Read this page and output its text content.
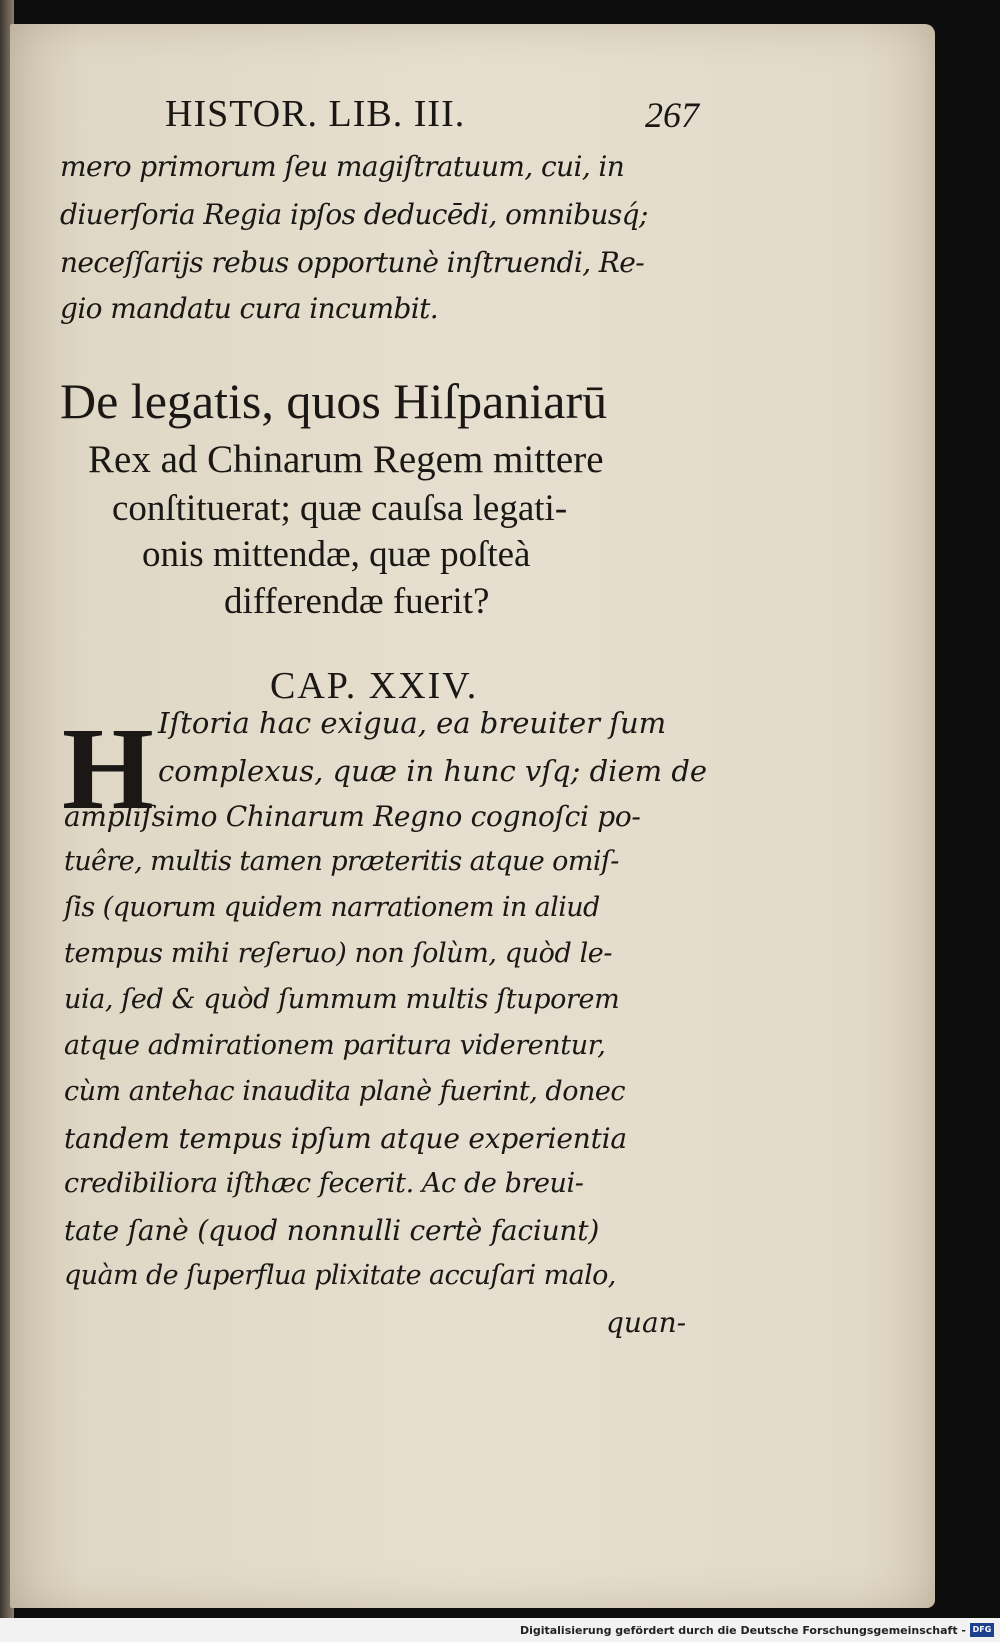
HISTOR. LIB. III.	267
mero primorum ſeu magiſtratuum, cui, in
diuerſoria Regia ipſos deducēdi, omnibusq́;
neceſſarijs rebus opportunè inſtruendi, Re-
gio mandatu cura incumbit.
De legatis, quos Hiſpaniarū
Rex ad Chinarum Regem mittere
conſtituerat; quæ cauſsa legati-
onis mittendæ, quæ poſteà
differendæ fuerit?
CAP. XXIV.
H Iſtoria hac exigua, ea breuiter ſum
complexus, quæ in hunc vſq; diem de
ampliſsimo Chinarum Regno cognoſci po-
tuêre, multis tamen præteritis atque omiſ-
ſis (quorum quidem narrationem in aliud
tempus mihi reſeruo) non ſolùm, quòd le-
uia, ſed & quòd ſummum multis ſtuporem
atque admirationem paritura viderentur,
cùm antehac inaudita planè fuerint, donec
tandem tempus ipſum atque experientia
credibiliora iſthæc fecerit. Ac de breui-
tate ſanè (quod nonnulli certè faciunt)
quàm de ſuperflua plixitate accuſari malo,
quan-
Digitalisierung gefördert durch die Deutsche Forschungsgemeinschaft - DFG
